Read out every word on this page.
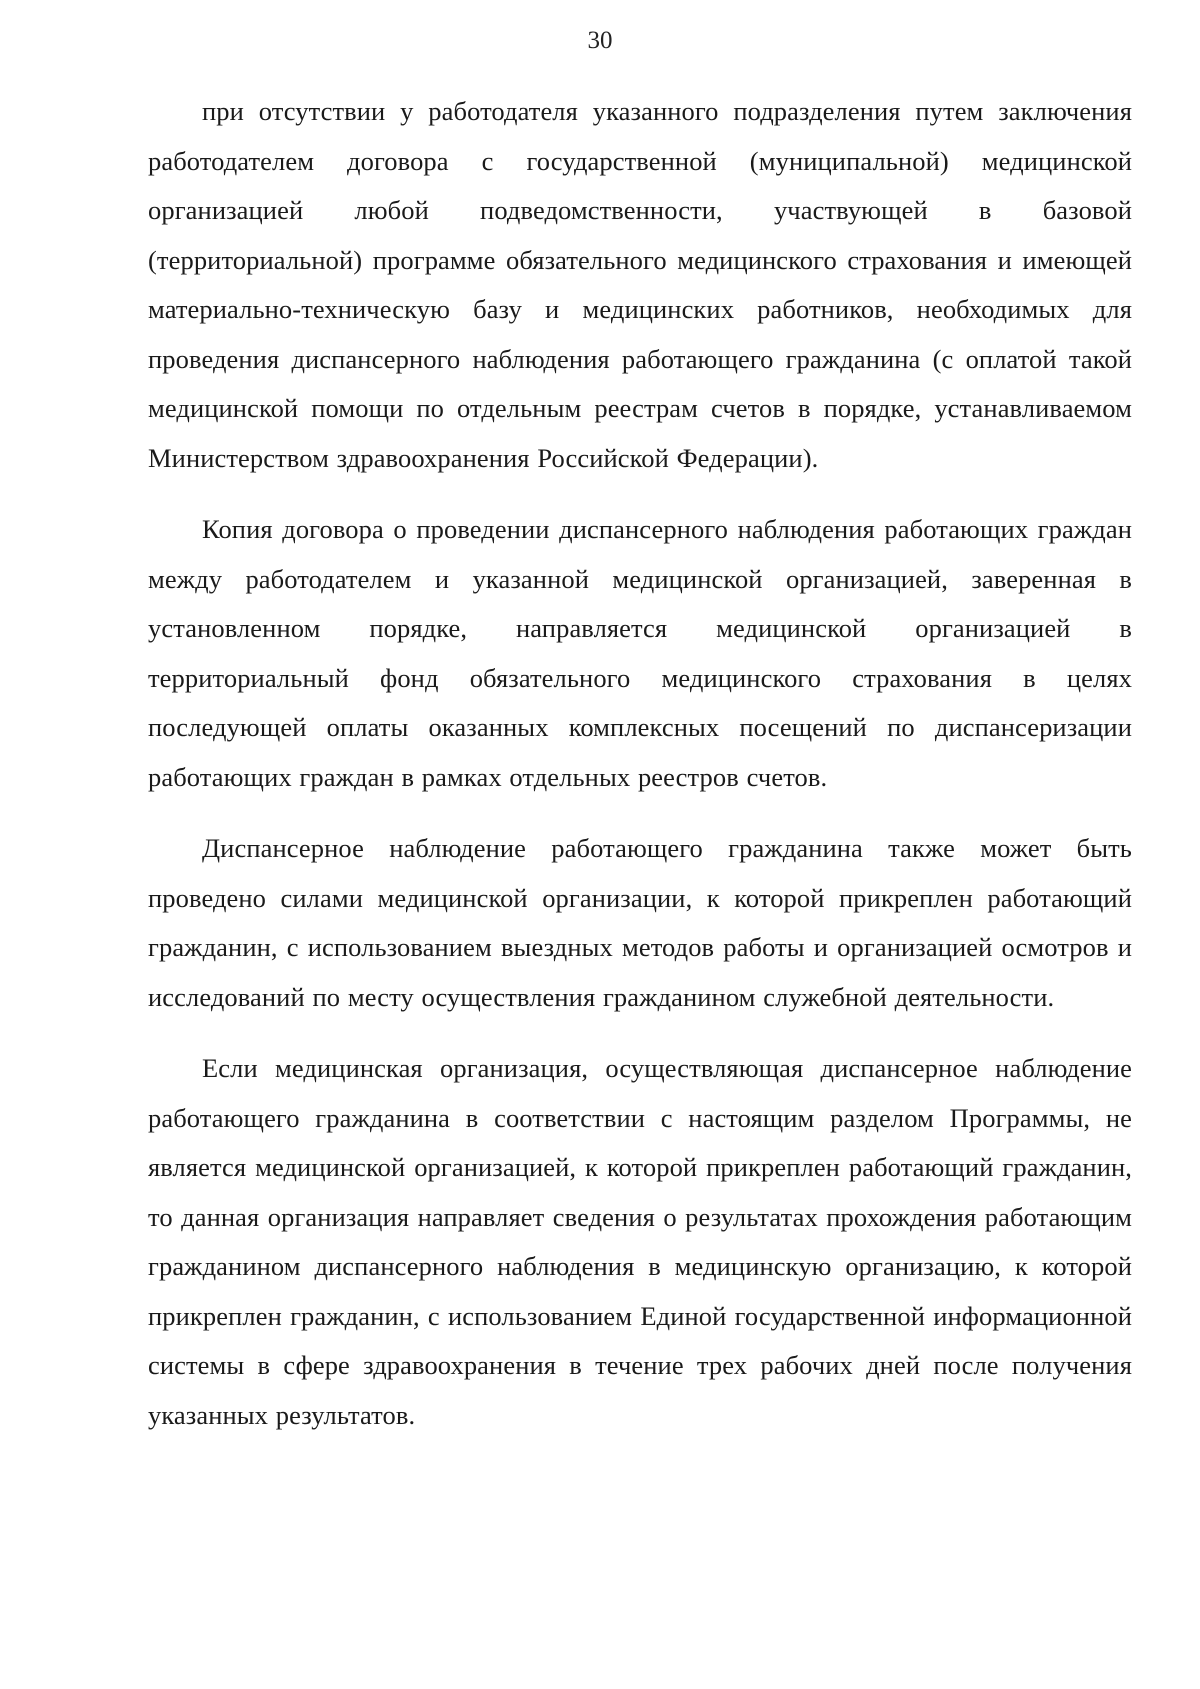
30

при отсутствии у работодателя указанного подразделения путем заключения работодателем договора с государственной (муниципальной) медицинской организацией любой подведомственности, участвующей в базовой (территориальной) программе обязательного медицинского страхования и имеющей материально-техническую базу и медицинских работников, необходимых для проведения диспансерного наблюдения работающего гражданина (с оплатой такой медицинской помощи по отдельным реестрам счетов в порядке, устанавливаемом Министерством здравоохранения Российской Федерации).

Копия договора о проведении диспансерного наблюдения работающих граждан между работодателем и указанной медицинской организацией, заверенная в установленном порядке, направляется медицинской организацией в территориальный фонд обязательного медицинского страхования в целях последующей оплаты оказанных комплексных посещений по диспансеризации работающих граждан в рамках отдельных реестров счетов.

Диспансерное наблюдение работающего гражданина также может быть проведено силами медицинской организации, к которой прикреплен работающий гражданин, с использованием выездных методов работы и организацией осмотров и исследований по месту осуществления гражданином служебной деятельности.

Если медицинская организация, осуществляющая диспансерное наблюдение работающего гражданина в соответствии с настоящим разделом Программы, не является медицинской организацией, к которой прикреплен работающий гражданин, то данная организация направляет сведения о результатах прохождения работающим гражданином диспансерного наблюдения в медицинскую организацию, к которой прикреплен гражданин, с использованием Единой государственной информационной системы в сфере здравоохранения в течение трех рабочих дней после получения указанных результатов.
